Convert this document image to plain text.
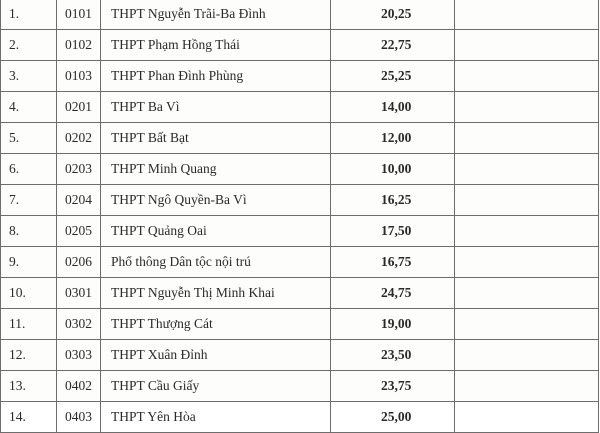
1.	0101	THPT Nguyễn Trãi-Ba Đình	20,25	
2.	0102	THPT Phạm Hồng Thái	22,75	
3.	0103	THPT Phan Đình Phùng	25,25	
4.	0201	THPT Ba Vì	14,00	
5.	0202	THPT Bất Bạt	12,00	
6.	0203	THPT Minh Quang	10,00	
7.	0204	THPT Ngô Quyền-Ba Vì	16,25	
8.	0205	THPT Quảng Oai	17,50	
9.	0206	Phổ thông Dân tộc nội trú	16,75	
10.	0301	THPT Nguyễn Thị Minh Khai	24,75	
11.	0302	THPT Thượng Cát	19,00	
12.	0303	THPT Xuân Đỉnh	23,50	
13.	0402	THPT Cầu Giấy	23,75	
14.	0403	THPT Yên Hòa	25,00	
